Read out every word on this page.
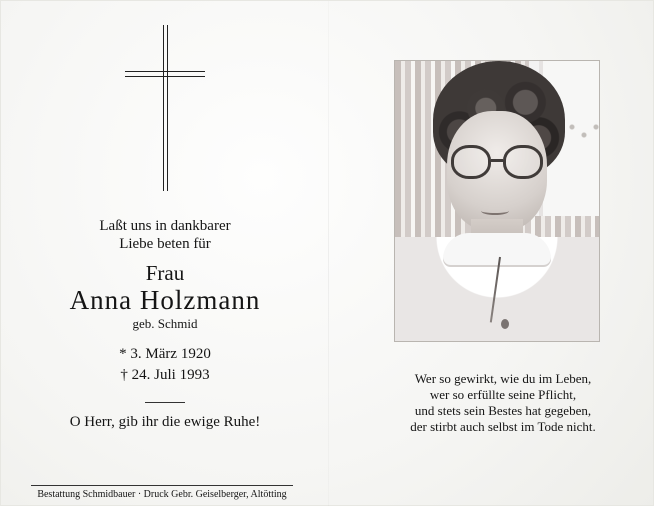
Laßt uns in dankbarer
Liebe beten für
Frau
Anna Holzmann
geb. Schmid
* 3. März 1920
† 24. Juli 1993
O Herr, gib ihr die ewige Ruhe!
Bestattung Schmidbauer · Druck Gebr. Geiselberger, Altötting
Wer so gewirkt, wie du im Leben,
wer so erfüllte seine Pflicht,
und stets sein Bestes hat gegeben,
der stirbt auch selbst im Tode nicht.
